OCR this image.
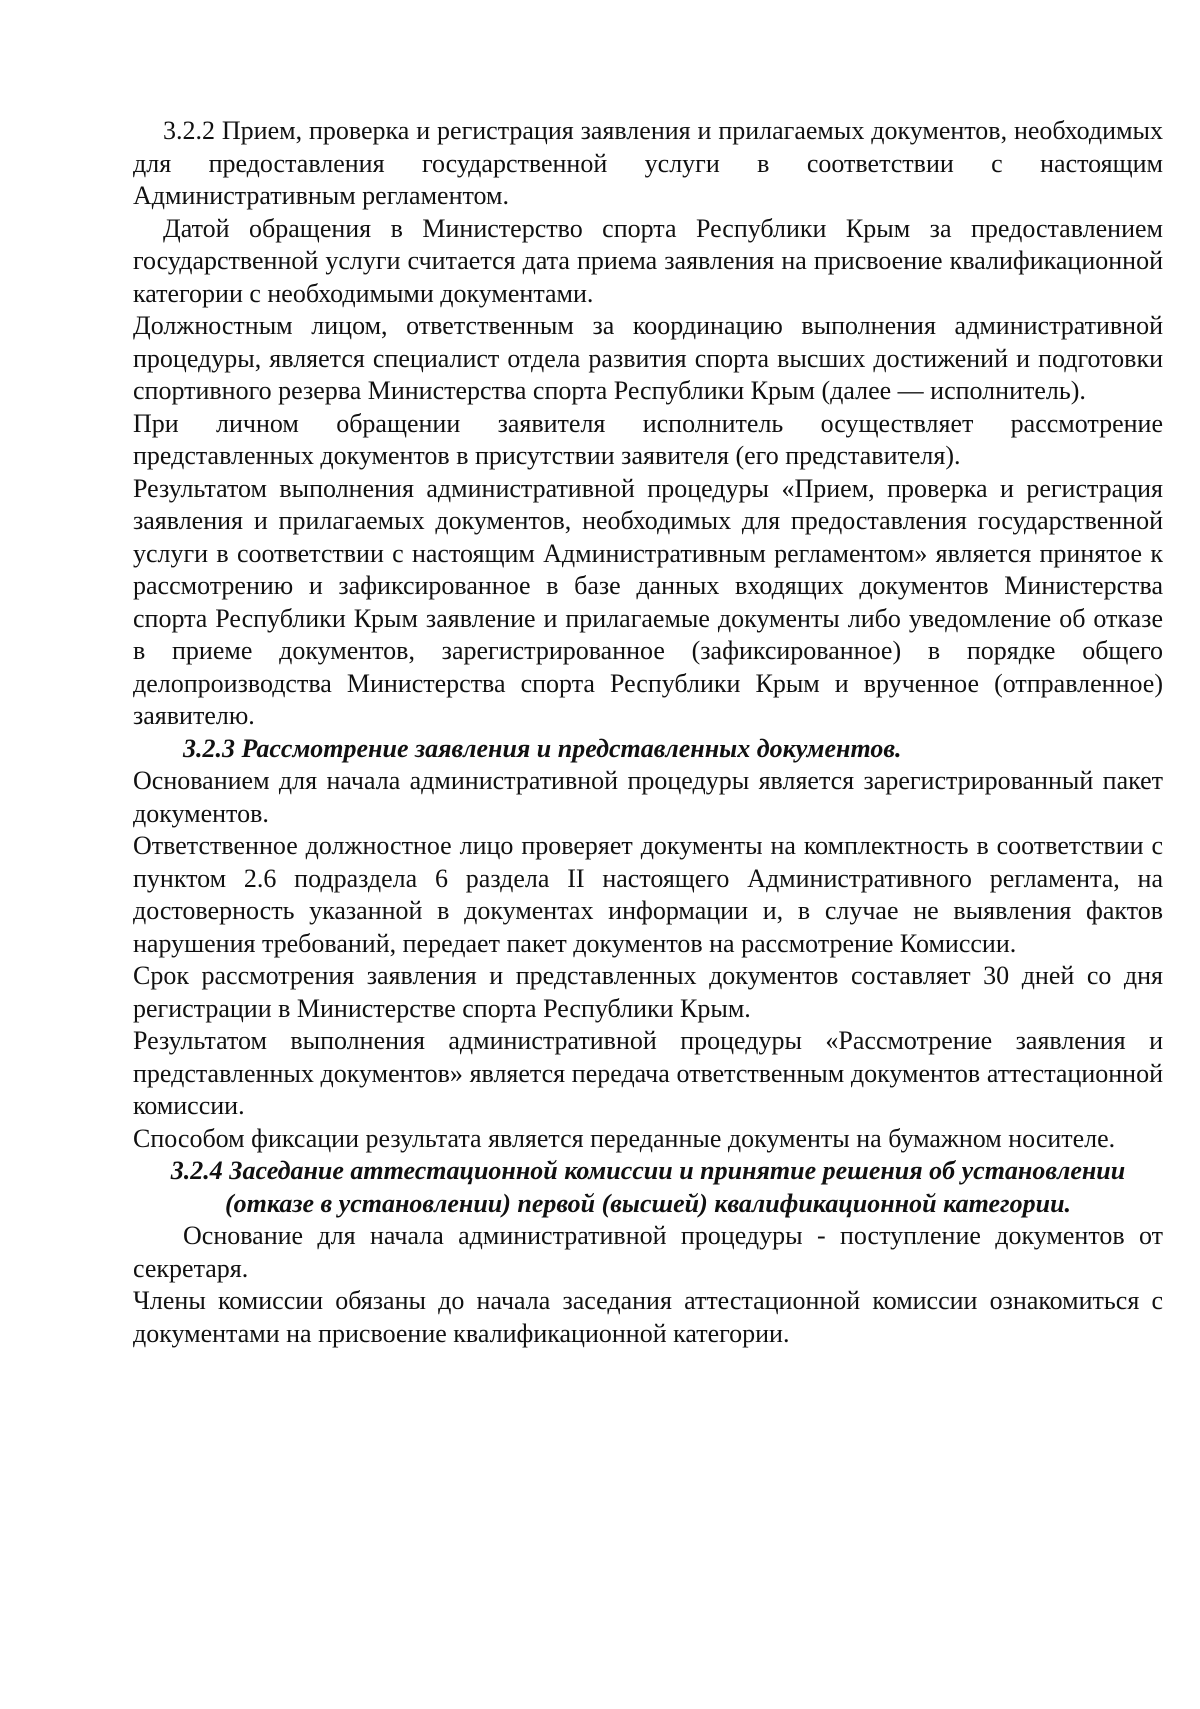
3.2.2 Прием, проверка и регистрация заявления и прилагаемых документов, необходимых для предоставления государственной услуги в соответствии с настоящим Административным регламентом.

Датой обращения в Министерство спорта Республики Крым за предоставлением государственной услуги считается дата приема заявления на присвоение квалификационной категории с необходимыми документами.

Должностным лицом, ответственным за координацию выполнения административной процедуры, является специалист отдела развития спорта высших достижений и подготовки спортивного резерва Министерства спорта Республики Крым (далее — исполнитель).

При личном обращении заявителя исполнитель осуществляет рассмотрение представленных документов в присутствии заявителя (его представителя).

Результатом выполнения административной процедуры «Прием, проверка и регистрация заявления и прилагаемых документов, необходимых для предоставления государственной услуги в соответствии с настоящим Административным регламентом» является принятое к рассмотрению и зафиксированное в базе данных входящих документов Министерства спорта Республики Крым заявление и прилагаемые документы либо уведомление об отказе в приеме документов, зарегистрированное (зафиксированное) в порядке общего делопроизводства Министерства спорта Республики Крым и врученное (отправленное) заявителю.

3.2.3 Рассмотрение заявления и представленных документов.

Основанием для начала административной процедуры является зарегистрированный пакет документов.

Ответственное должностное лицо проверяет документы на комплектность в соответствии с пунктом 2.6 подраздела 6 раздела II настоящего Административного регламента, на достоверность указанной в документах информации и, в случае не выявления фактов нарушения требований, передает пакет документов на рассмотрение Комиссии.

Срок рассмотрения заявления и представленных документов составляет 30 дней со дня регистрации в Министерстве спорта Республики Крым.

Результатом выполнения административной процедуры «Рассмотрение заявления и представленных документов» является передача ответственным документов аттестационной комиссии.

Способом фиксации результата является переданные документы на бумажном носителе.

3.2.4 Заседание аттестационной комиссии и принятие решения об установлении (отказе в установлении) первой (высшей) квалификационной категории.

Основание для начала административной процедуры - поступление документов от секретаря.

Члены комиссии обязаны до начала заседания аттестационной комиссии ознакомиться с документами на присвоение квалификационной категории.
